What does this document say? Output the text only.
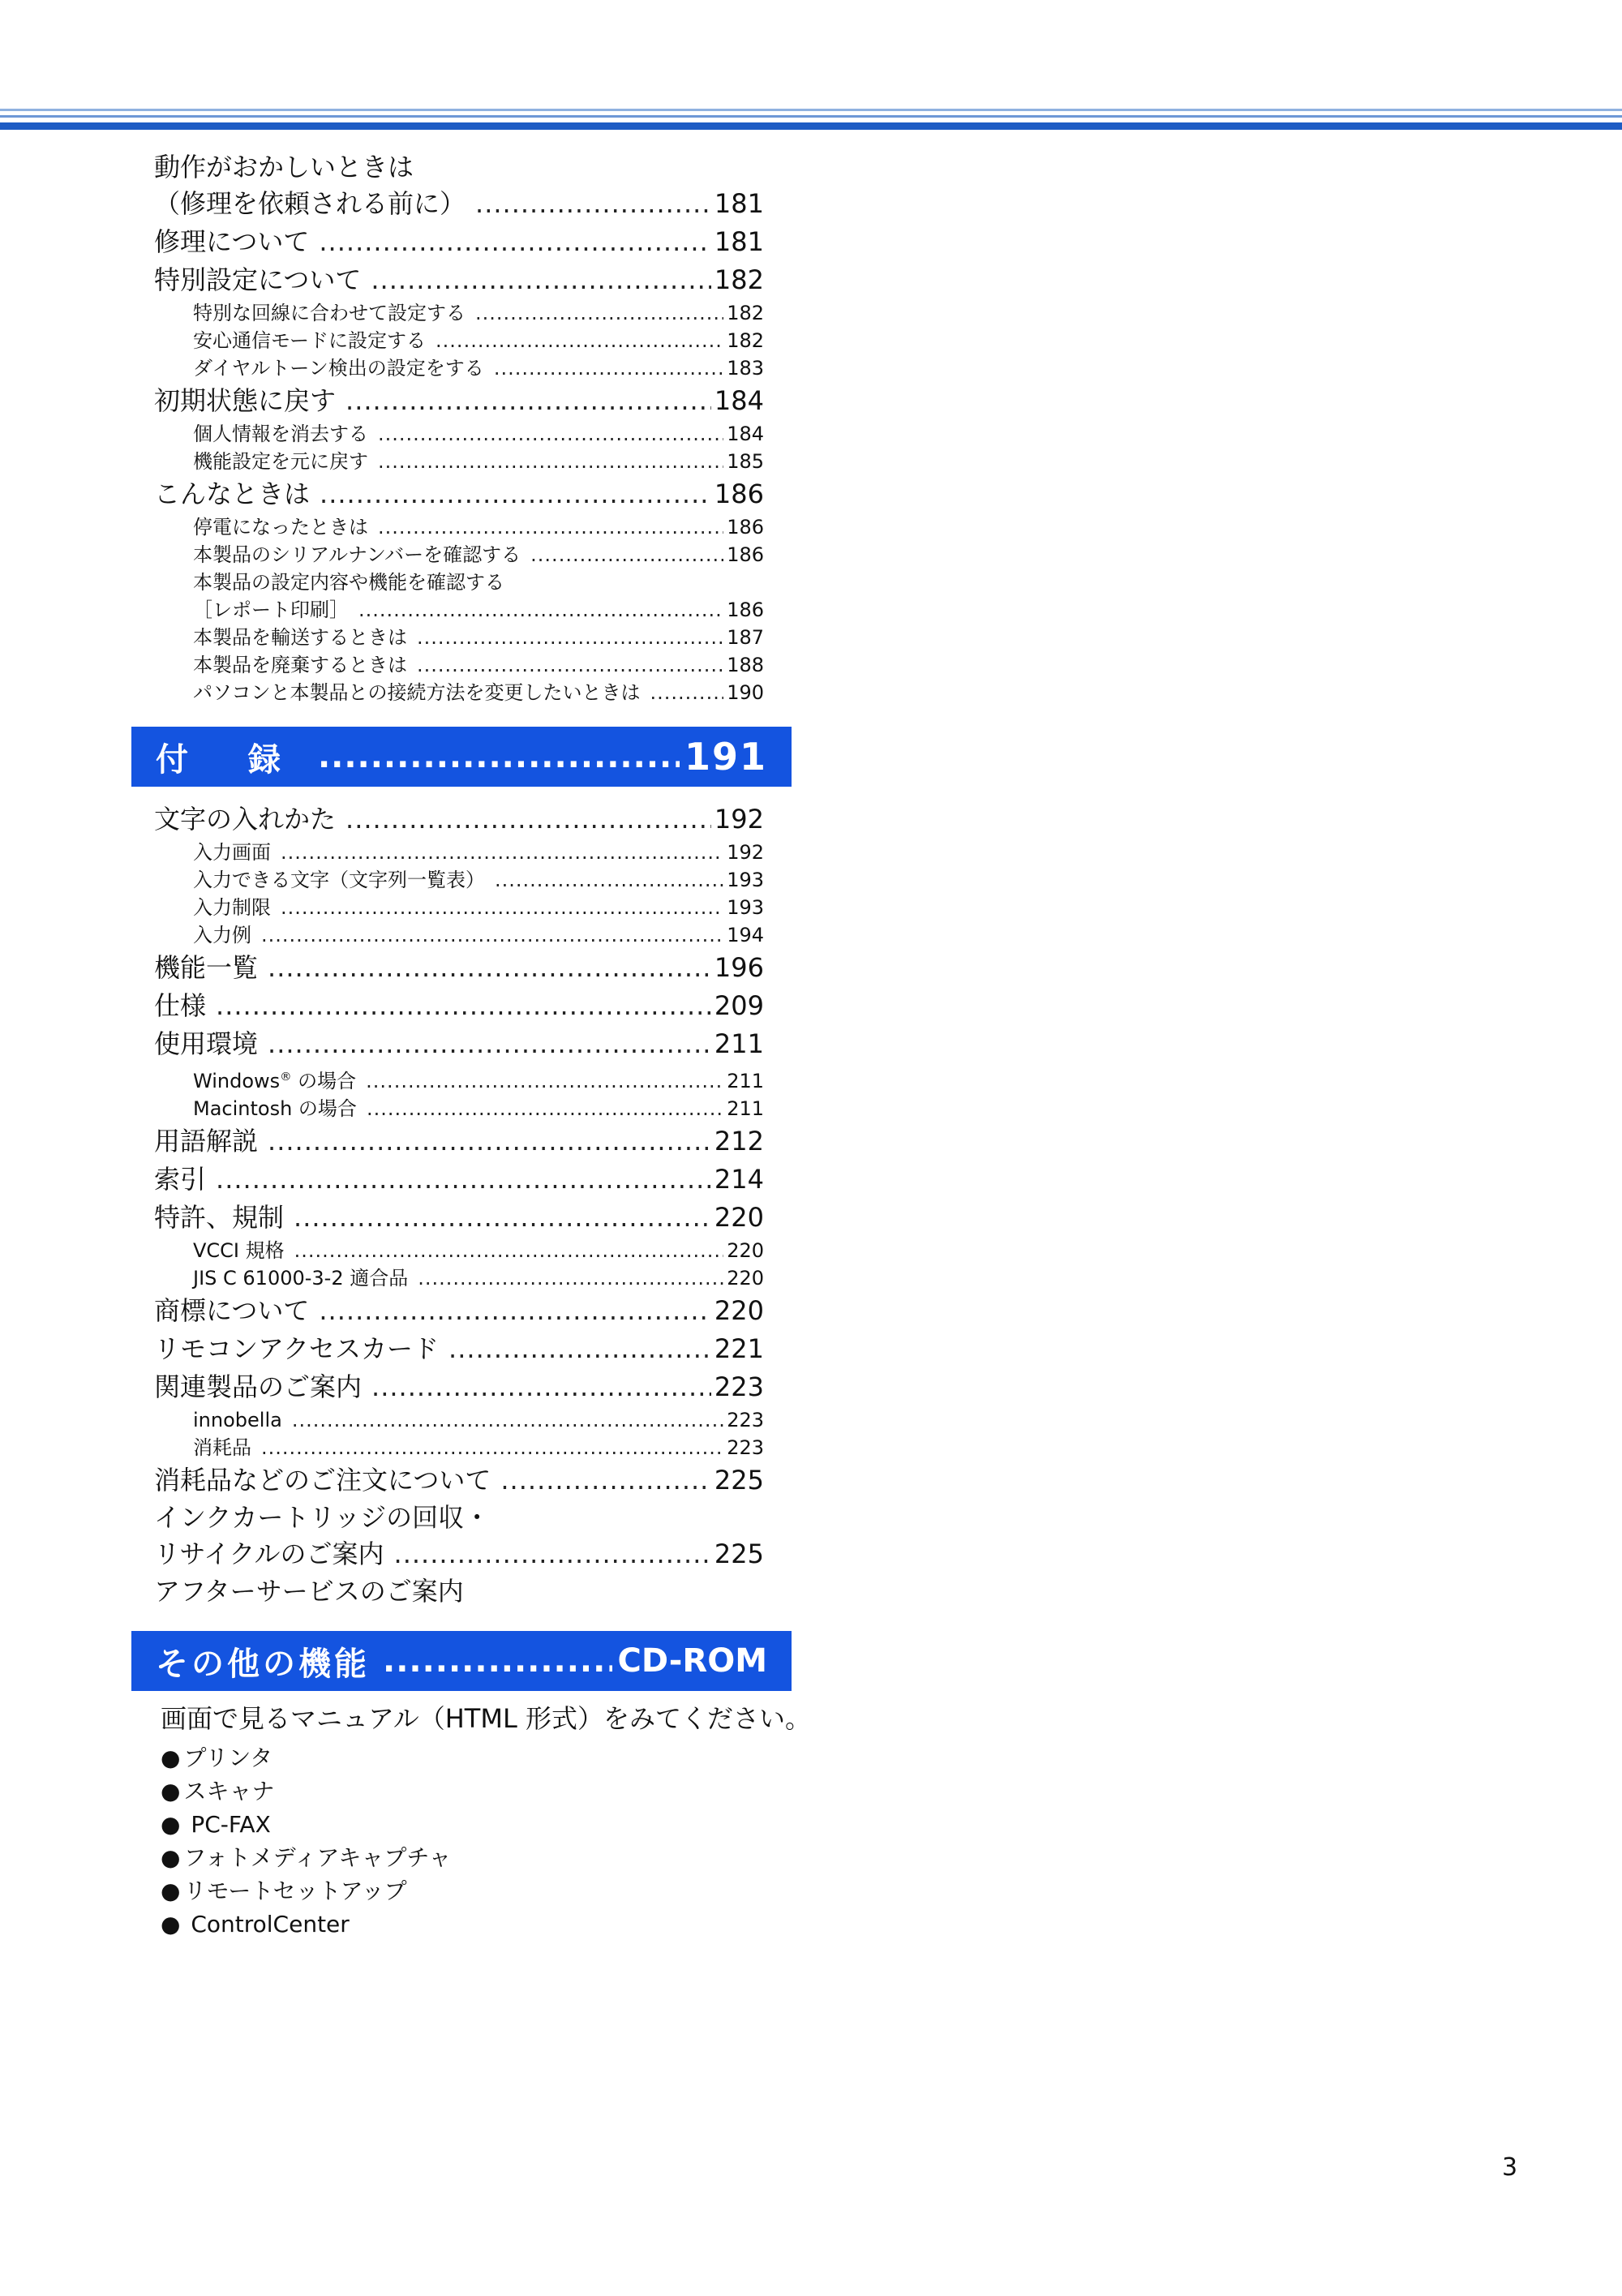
動作がおかしいときは
（修理を依頼される前に） .....	181
修理について .....	181
特別設定について .....	182
特別な回線に合わせて設定する .....	182
安心通信モードに設定する .....	182
ダイヤルトーン検出の設定をする .....	183
初期状態に戻す .....	184
個人情報を消去する .....	184
機能設定を元に戻す .....	185
こんなときは .....	186
停電になったときは .....	186
本製品のシリアルナンバーを確認する .....	186
本製品の設定内容や機能を確認する
［レポート印刷］ .....	186
本製品を輸送するときは .....	187
本製品を廃棄するときは .....	188
パソコンと本製品との接続方法を変更したいときは .....	190
付 録 .....	191
文字の入れかた .....	192
入力画面 .....	192
入力できる文字（文字列一覧表） .....	193
入力制限 .....	193
入力例 .....	194
機能一覧 .....	196
仕様 .....	209
使用環境 .....	211
Windows® の場合 .....	211
Macintosh の場合 .....	211
用語解説 .....	212
索引 .....	214
特許、規制 .....	220
VCCI 規格 .....	220
JIS C 61000-3-2 適合品 .....	220
商標について .....	220
リモコンアクセスカード .....	221
関連製品のご案内 .....	223
innobella .....	223
消耗品 .....	223
消耗品などのご注文について .....	225
インクカートリッジの回収・
リサイクルのご案内 .....	225
アフターサービスのご案内
その他の機能 .....	CD-ROM
画面で見るマニュアル（HTML 形式）をみてください。
● プリンタ
● スキャナ
● PC-FAX
● フォトメディアキャプチャ
● リモートセットアップ
● ControlCenter
3
